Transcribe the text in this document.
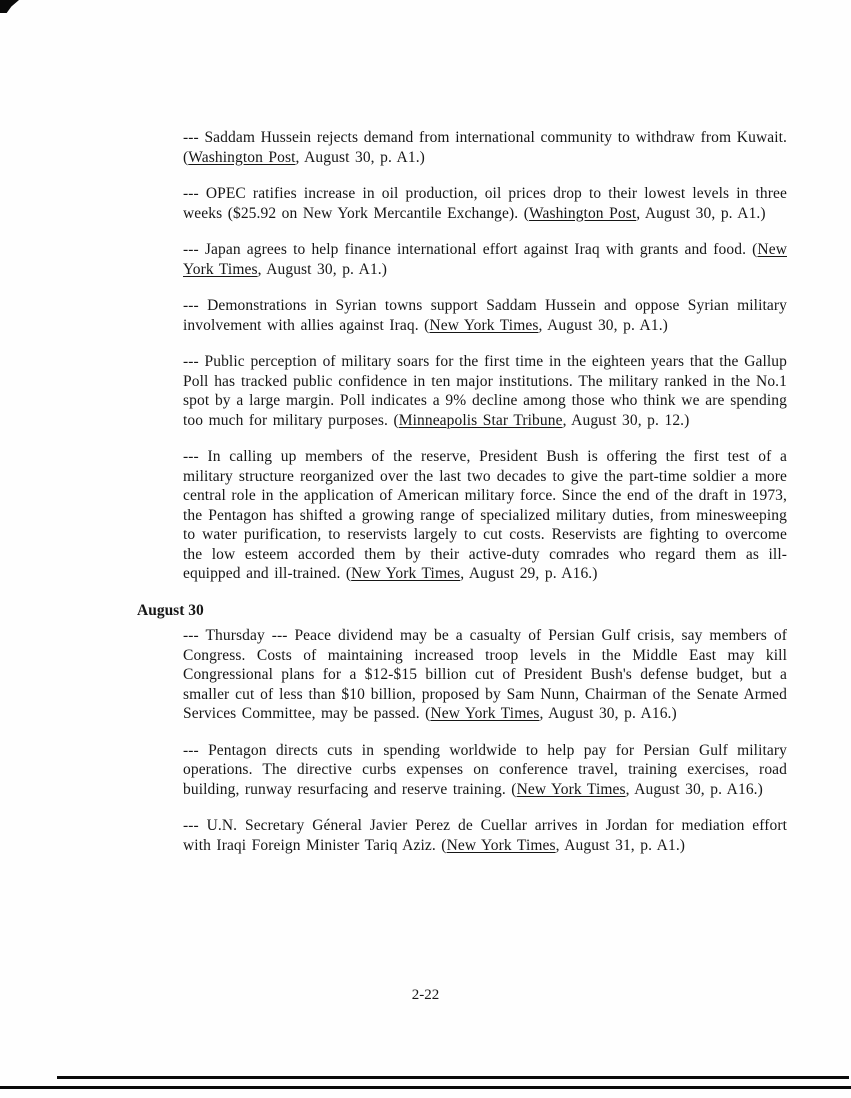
--- Saddam Hussein rejects demand from international community to withdraw from Kuwait. (Washington Post, August 30, p. A1.)
--- OPEC ratifies increase in oil production, oil prices drop to their lowest levels in three weeks ($25.92 on New York Mercantile Exchange). (Washington Post, August 30, p. A1.)
--- Japan agrees to help finance international effort against Iraq with grants and food. (New York Times, August 30, p. A1.)
--- Demonstrations in Syrian towns support Saddam Hussein and oppose Syrian military involvement with allies against Iraq. (New York Times, August 30, p. A1.)
--- Public perception of military soars for the first time in the eighteen years that the Gallup Poll has tracked public confidence in ten major institutions. The military ranked in the No.1 spot by a large margin. Poll indicates a 9% decline among those who think we are spending too much for military purposes. (Minneapolis Star Tribune, August 30, p. 12.)
--- In calling up members of the reserve, President Bush is offering the first test of a military structure reorganized over the last two decades to give the part-time soldier a more central role in the application of American military force. Since the end of the draft in 1973, the Pentagon has shifted a growing range of specialized military duties, from minesweeping to water purification, to reservists largely to cut costs. Reservists are fighting to overcome the low esteem accorded them by their active-duty comrades who regard them as ill-equipped and ill-trained. (New York Times, August 29, p. A16.)
August 30
--- Thursday --- Peace dividend may be a casualty of Persian Gulf crisis, say members of Congress. Costs of maintaining increased troop levels in the Middle East may kill Congressional plans for a $12-$15 billion cut of President Bush's defense budget, but a smaller cut of less than $10 billion, proposed by Sam Nunn, Chairman of the Senate Armed Services Committee, may be passed. (New York Times, August 30, p. A16.)
--- Pentagon directs cuts in spending worldwide to help pay for Persian Gulf military operations. The directive curbs expenses on conference travel, training exercises, road building, runway resurfacing and reserve training. (New York Times, August 30, p. A16.)
--- U.N. Secretary Géneral Javier Perez de Cuellar arrives in Jordan for mediation effort with Iraqi Foreign Minister Tariq Aziz. (New York Times, August 31, p. A1.)
2-22
